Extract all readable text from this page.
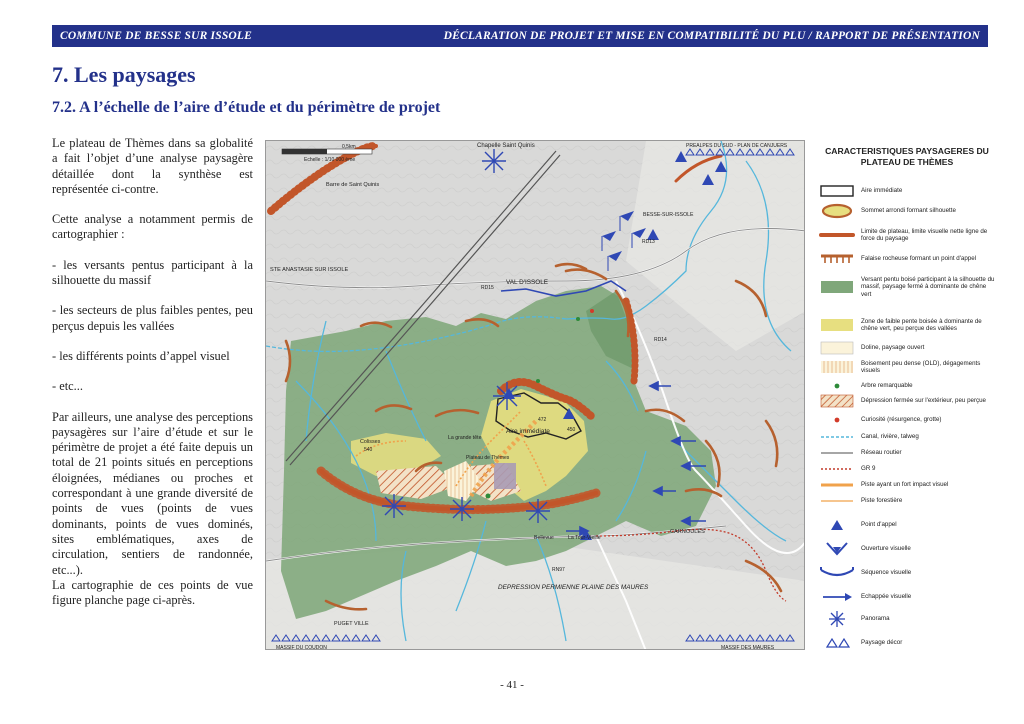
COMMUNE DE BESSE SUR ISSOLE	DÉCLARATION DE PROJET ET MISE EN COMPATIBILITÉ DU PLU / RAPPORT DE PRÉSENTATION
7. Les paysages
7.2. A l’échelle de l’aire d’étude et du périmètre de projet

Le plateau de Thèmes dans sa globalité a fait l’objet d’une analyse paysagère détaillée dont la synthèse est représentée ci-contre.

Cette analyse a notamment permis de cartographier :

- les versants pentus participant à la silhouette du massif

- les secteurs de plus faibles pentes, peu perçus depuis les vallées

- les différents points d’appel visuel

- etc...

Par ailleurs, une analyse des perceptions paysagères sur l’aire d’étude et sur le périmètre de projet a été faite depuis un total de 21 points situés en perceptions éloignées, médianes ou proches et correspondant à une grande diversité de points de vues (points de vues dominants, points de vues dominés, sites emblématiques, axes de circulation, sentiers de randonnée, etc...).

La cartographie de ces points de vue figure planche page ci-après.

0,5km
Echelle : 1/10 000 ème
Chapelle Saint Quinis
Barre de Saint Quinis
PREALPES DU SUD - PLAN DE CANJUERS
BESSE-SUR-ISSOLE
VAL D'ISSOLE
STE ANASTASIE SUR ISSOLE
RD15
RD13
RD14
RN97
Aire immédiate
La grande tête
Colisses
540
472
450
Plateau de Thèmes
CARNOULES
Bellevue	La Tour-Vieille
DEPRESSION PERMIENNE PLAINE DES MAURES
PUGET VILLE
MASSIF DU COUDON	MASSIF DES MAURES
CARACTERISTIQUES PAYSAGERES DU PLATEAU DE THÈMES
Aire immédiate
Sommet arrondi formant silhouette
Limite de plateau, limite visuelle nette ligne de force du paysage
Falaise rocheuse formant un point d'appel
Versant pentu boisé participant à la silhouette du massif, paysage fermé à dominante de chêne vert
Zone de faible pente boisée à dominante de chêne vert, peu perçue des vallées
Doline, paysage ouvert
Boisement peu dense (OLD), dégagements visuels
Arbre remarquable
Dépression fermée sur l'extérieur, peu perçue
Curiosité (résurgence, grotte)
Canal, rivière, talweg
Réseau routier
GR 9
Piste ayant un fort impact visuel
Piste forestière
Point d'appel
Ouverture visuelle
Séquence visuelle
Echappée visuelle
Panorama
Paysage décor
- 41 -
